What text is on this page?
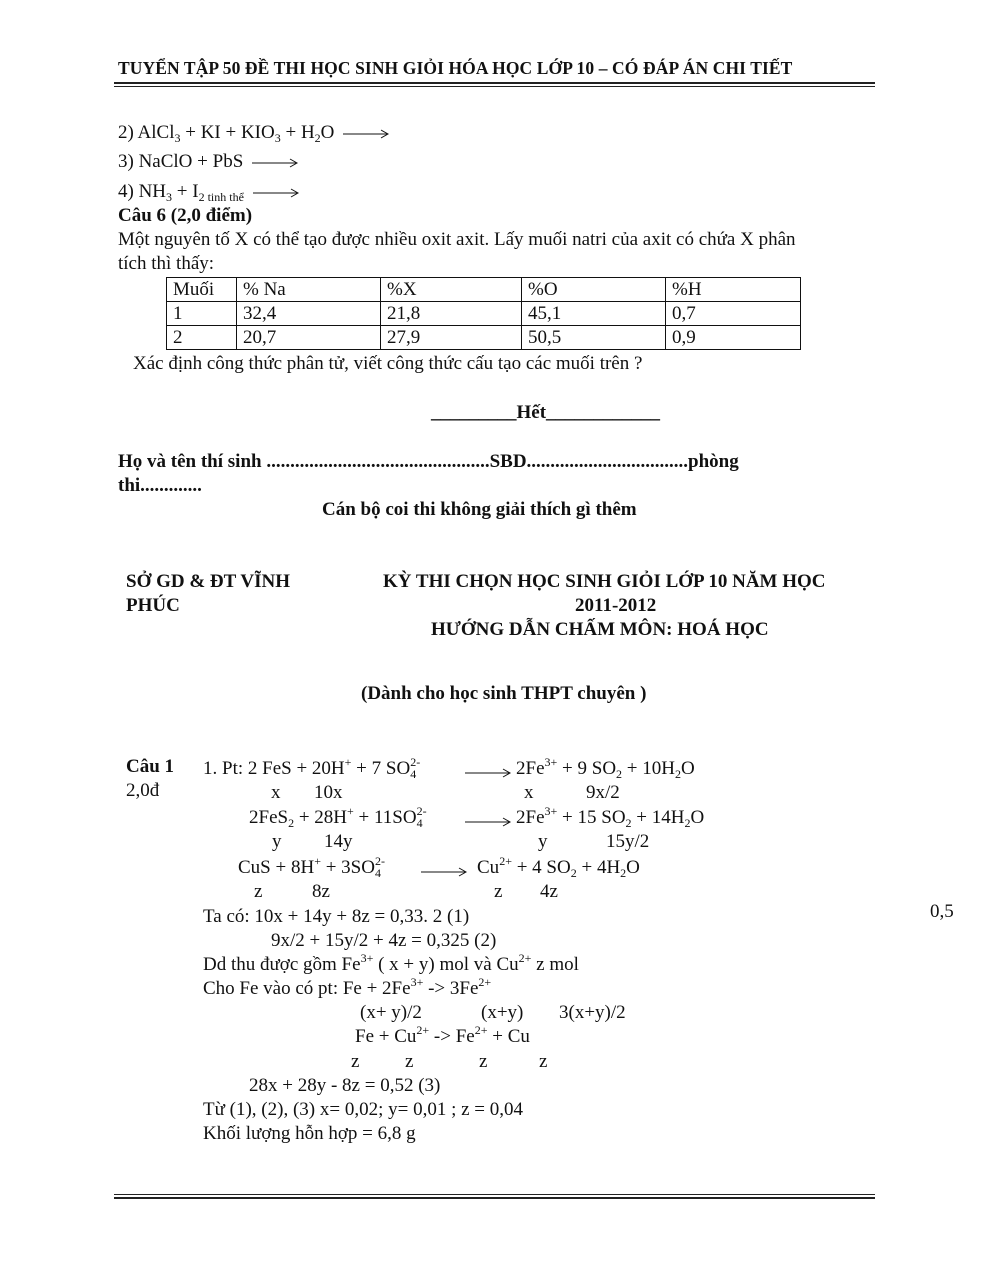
TUYỂN TẬP 50 ĐỀ THI HỌC SINH GIỎI HÓA HỌC LỚP 10 – CÓ ĐÁP ÁN CHI TIẾT
2) AlCl$_3$ + KI + $KIO_3 + H_2O$ →
3) NaClO + PbS →
4) $NH_3 + I_{2 tinh thể}$ →
Câu 6 (2,0 điểm)
Một nguyên tố X có thể tạo được nhiều oxit axit. Lấy muối natri của axit có chứa X phân
tích thì thấy:
Muối	% Na	%X	%O	%H
1	32,4	21,8	45,1	0,7
2	20,7	27,9	50,5	0,9
Xác định công thức phân tử, viết công thức cấu tạo các muối trên ?
_________Hết____________
Họ và tên thí sinh ...............................................SBD..................................phòng
thi.............
Cán bộ coi thi không giải thích gì thêm
SỞ GD & ĐT VĨNH
PHÚC
KỲ THI CHỌN HỌC SINH GIỎI LỚP 10 NĂM HỌC
2011-2012
HƯỚNG DẪN CHẤM MÔN: HOÁ HỌC
(Dành cho học sinh THPT chuyên )
Câu 1
2,0đ
1. Pt: 2 FeS + 20H+ + 7 $SO_4^{2-} \to 2Fe^{3+} + 9$ $SO_2 + 10H_2O$
x 10x	x	9x/2
$2FeS_2 + 28H^+ + 11SO_4^{2-} \to 2Fe^{3+} + 15$ $SO_2 + 14H_2O$
y 14y	y	15y/2
CuS + $8H^+ + 3SO_4^{2-} \to Cu^{2+} + 4$ $SO_2 + 4H_2O$
z	8z	z 4z
Ta có: 10x + 14y + 8z = 0,33. 2 (1)	0,5
9x/2 + 15y/2 + 4z = 0,325 (2)
Dd thu được gồm $Fe^{3+}$ ( x + y) mol và $Cu^{2+}$ z mol
Cho Fe vào có pt: $Fe + 2Fe^{3+} -> 3Fe^{2+}$
(x+ y)/2	(x+y) 3(x+y)/2
$Fe + Cu^{2+} -> Fe^{2+} + Cu$
z z	z	z
28x + 28y - 8z = 0,52 (3)
Từ (1), (2), (3) x= 0,02; y= 0,01 ; z = 0,04
Khối lượng hỗn hợp = 6,8 g
